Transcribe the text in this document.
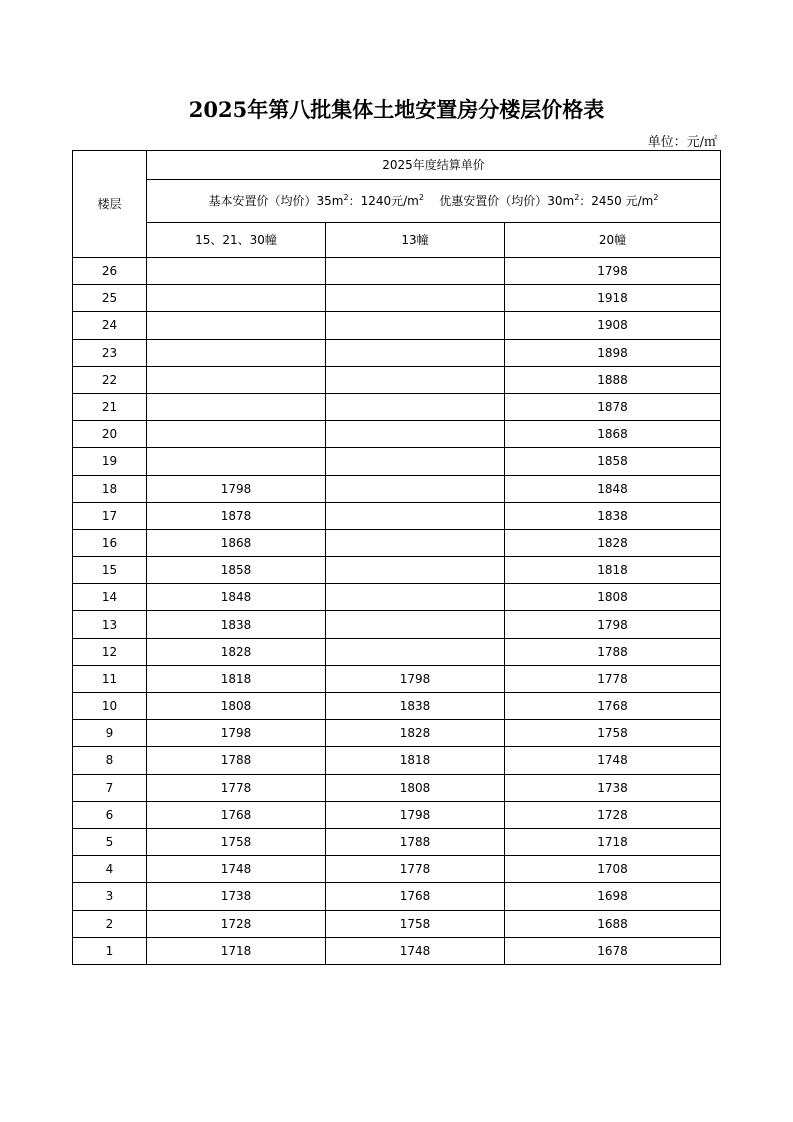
2025年第八批集体土地安置房分楼层价格表
单位：元/㎡
楼层	2025年度结算单价		
	基本安置价（均价）$35m^2$：1240元$/m^2$ 优惠安置价（均价）$30m^2$：2450 元$/m^2$
	15、21、30幢	13幢	20幢
26			1798
25			1918
24			1908
23			1898
22			1888
21			1878
20			1868
19			1858
18	1798		1848
17	1878		1838
16	1868		1828
15	1858		1818
14	1848		1808
13	1838		1798
12	1828		1788
11	1818	1798	1778
10	1808	1838	1768
9	1798	1828	1758
8	1788	1818	1748
7	1778	1808	1738
6	1768	1798	1728
5	1758	1788	1718
4	1748	1778	1708
3	1738	1768	1698
2	1728	1758	1688
1	1718	1748	1678
